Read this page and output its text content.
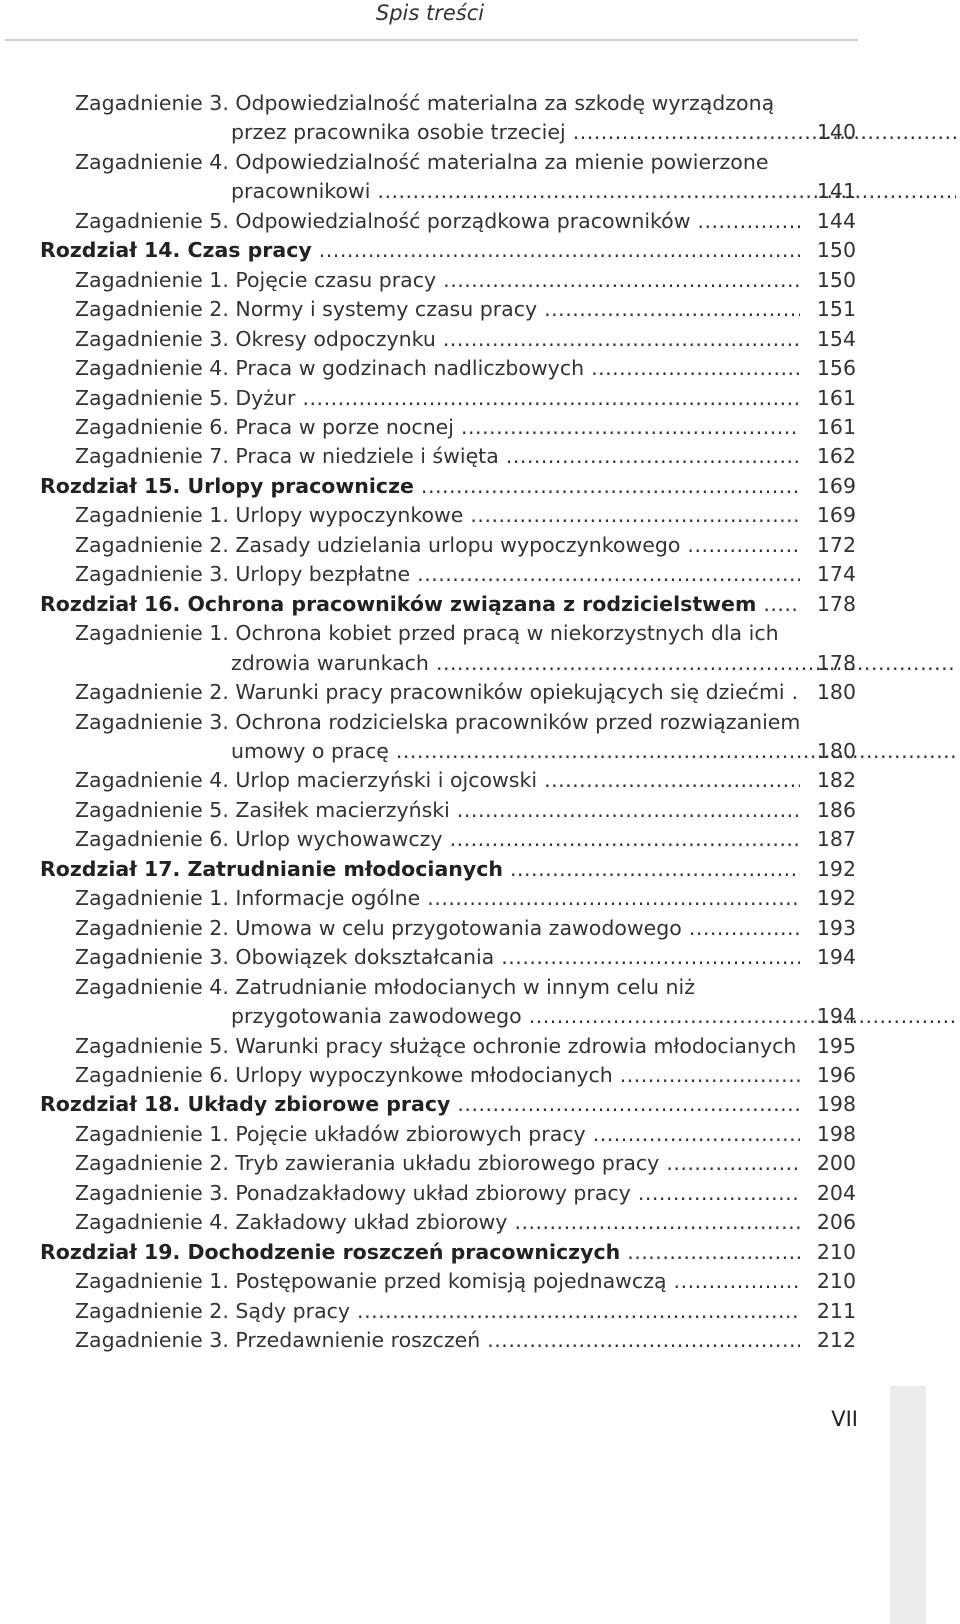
Spis treści
Zagadnienie 3. Odpowiedzialność materialna za szkodę wyrządzoną
przez pracownika osobie trzeciej .....	140
Zagadnienie 4. Odpowiedzialność materialna za mienie powierzone
pracownikowi .....	141
Zagadnienie 5. Odpowiedzialność porządkowa pracowników .....	144
Rozdział 14. Czas pracy .....	150
Zagadnienie 1. Pojęcie czasu pracy .....	150
Zagadnienie 2. Normy i systemy czasu pracy .....	151
Zagadnienie 3. Okresy odpoczynku .....	154
Zagadnienie 4. Praca w godzinach nadliczbowych .....	156
Zagadnienie 5. Dyżur .....	161
Zagadnienie 6. Praca w porze nocnej .....	161
Zagadnienie 7. Praca w niedziele i święta .....	162
Rozdział 15. Urlopy pracownicze .....	169
Zagadnienie 1. Urlopy wypoczynkowe .....	169
Zagadnienie 2. Zasady udzielania urlopu wypoczynkowego .....	172
Zagadnienie 3. Urlopy bezpłatne .....	174
Rozdział 16. Ochrona pracowników związana z rodzicielstwem .....	178
Zagadnienie 1. Ochrona kobiet przed pracą w niekorzystnych dla ich
zdrowia warunkach .....	178
Zagadnienie 2. Warunki pracy pracowników opiekujących się dziećmi .....	180
Zagadnienie 3. Ochrona rodzicielska pracowników przed rozwiązaniem
umowy o pracę .....	180
Zagadnienie 4. Urlop macierzyński i ojcowski .....	182
Zagadnienie 5. Zasiłek macierzyński .....	186
Zagadnienie 6. Urlop wychowawczy .....	187
Rozdział 17. Zatrudnianie młodocianych .....	192
Zagadnienie 1. Informacje ogólne .....	192
Zagadnienie 2. Umowa w celu przygotowania zawodowego .....	193
Zagadnienie 3. Obowiązek dokształcania .....	194
Zagadnienie 4. Zatrudnianie młodocianych w innym celu niż
przygotowania zawodowego .....	194
Zagadnienie 5. Warunki pracy służące ochronie zdrowia młodocianych ..... 195
Zagadnienie 6. Urlopy wypoczynkowe młodocianych .....	196
Rozdział 18. Układy zbiorowe pracy .....	198
Zagadnienie 1. Pojęcie układów zbiorowych pracy .....	198
Zagadnienie 2. Tryb zawierania układu zbiorowego pracy .....	200
Zagadnienie 3. Ponadzakładowy układ zbiorowy pracy .....	204
Zagadnienie 4. Zakładowy układ zbiorowy .....	206
Rozdział 19. Dochodzenie roszczeń pracowniczych .....	210
Zagadnienie 1. Postępowanie przed komisją pojednawczą .....	210
Zagadnienie 2. Sądy pracy .....	211
Zagadnienie 3. Przedawnienie roszczeń .....	212
VII
